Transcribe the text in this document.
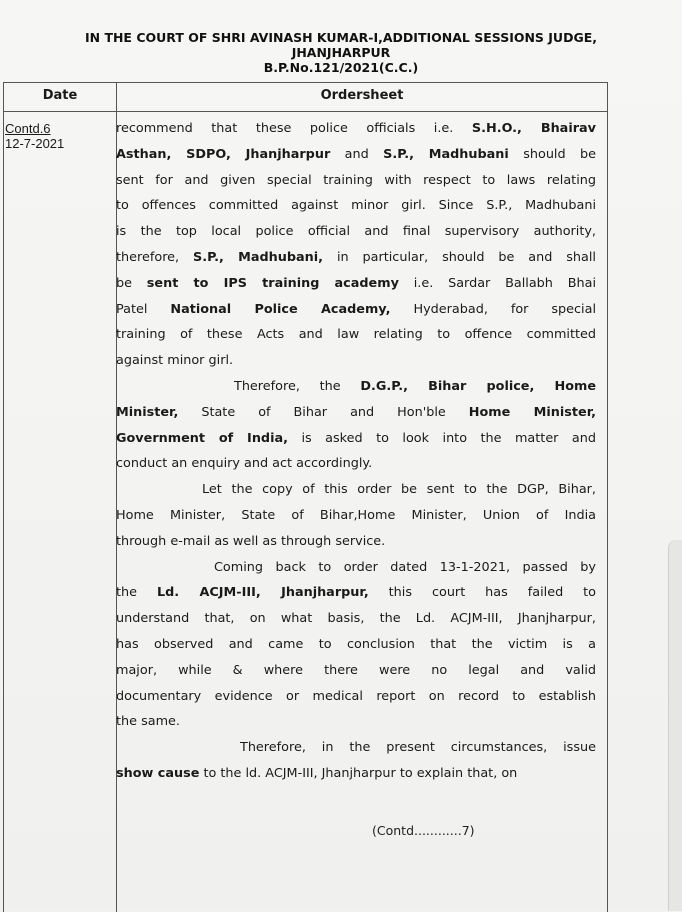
IN THE COURT OF SHRI AVINASH KUMAR-I,ADDITIONAL SESSIONS JUDGE,
JHANJHARPUR
B.P.No.121/2021(C.C.)
Date	Ordersheet
Contd.6
12-7-2021
recommend that these police officials i.e. S.H.O., Bhairav
Asthan, SDPO, Jhanjharpur and S.P., Madhubani should be
sent for and given special training with respect to laws relating
to offences committed against minor girl. Since S.P., Madhubani
is the top local police official and final supervisory authority,
therefore, S.P., Madhubani, in particular, should be and shall
be sent to IPS training academy i.e. Sardar Ballabh Bhai
Patel National Police Academy, Hyderabad, for special
training of these Acts and law relating to offence committed
against minor girl.
Therefore, the D.G.P., Bihar police, Home
Minister, State of Bihar and Hon'ble Home Minister,
Government of India, is asked to look into the matter and
conduct an enquiry and act accordingly.
Let the copy of this order be sent to the DGP, Bihar,
Home Minister, State of Bihar,Home Minister, Union of India
through e-mail as well as through service.
Coming back to order dated 13-1-2021, passed by
the Ld. ACJM-III, Jhanjharpur, this court has failed to
understand that, on what basis, the Ld. ACJM-III, Jhanjharpur,
has observed and came to conclusion that the victim is a
major, while & where there were no legal and valid
documentary evidence or medical report on record to establish
the same.
Therefore, in the present circumstances, issue
show cause to the ld. ACJM-III, Jhanjharpur to explain that, on
(Contd............7)
